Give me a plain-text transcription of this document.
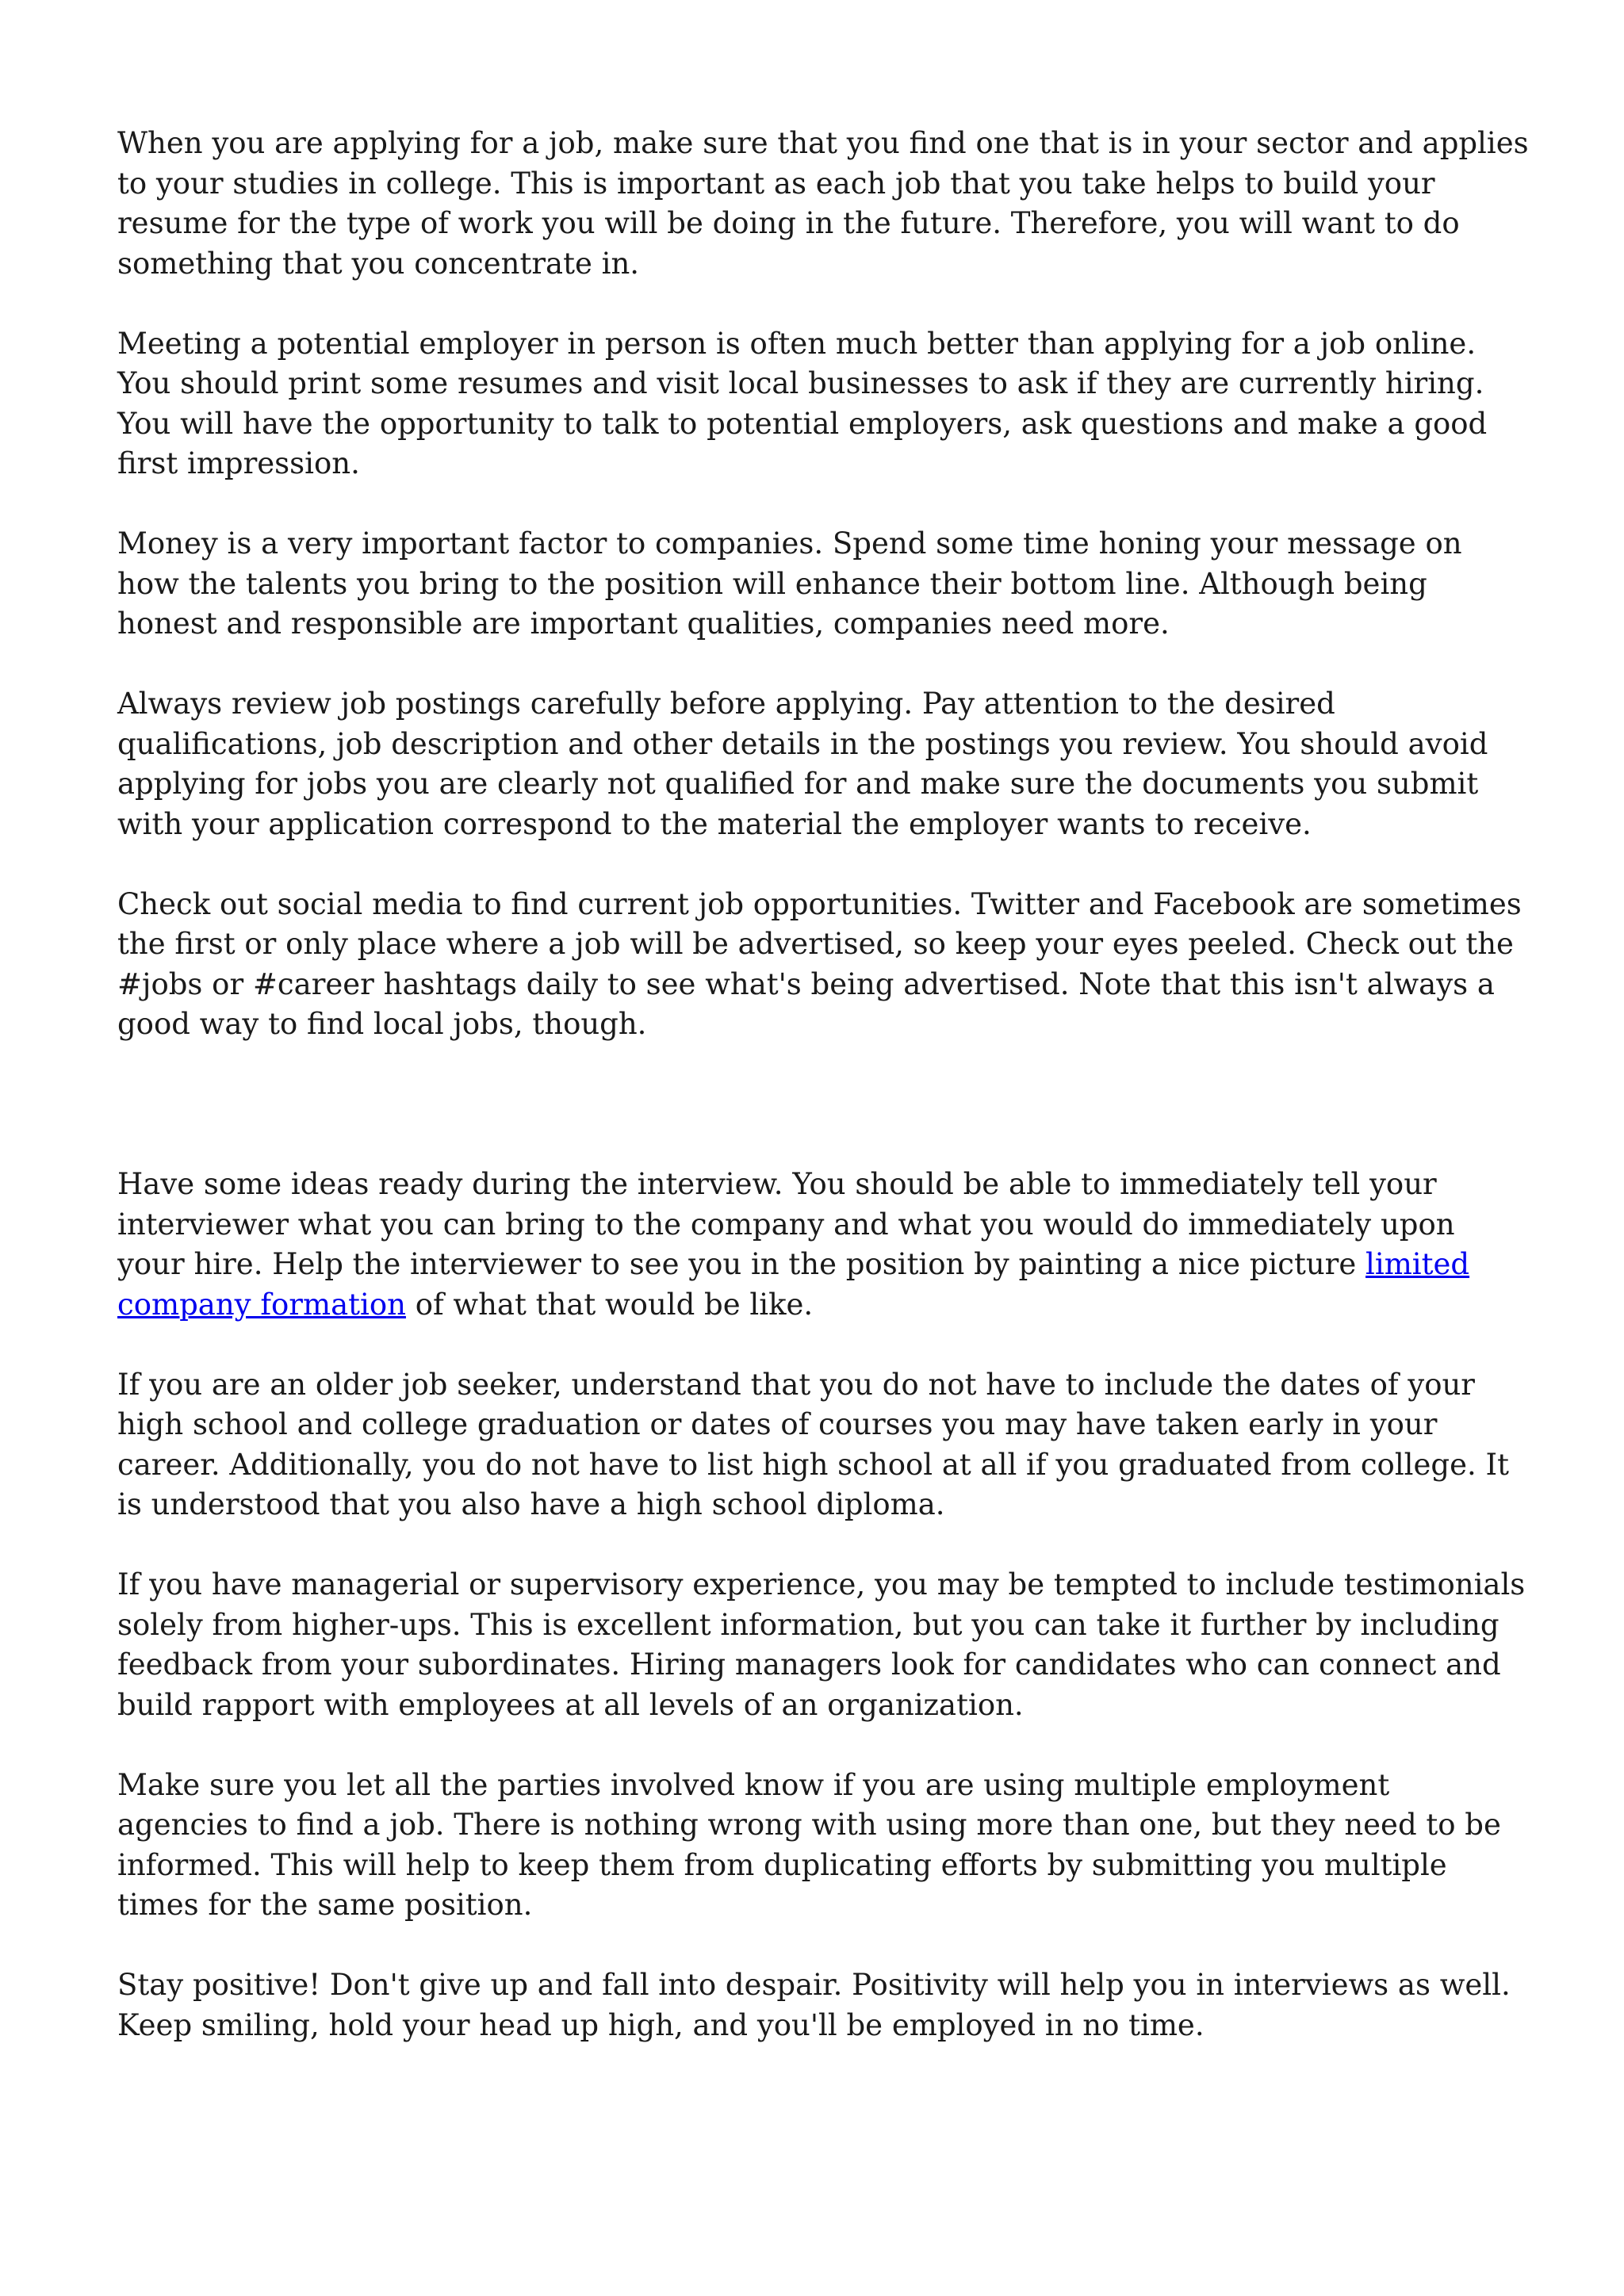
When you are applying for a job, make sure that you find one that is in your sector and applies to your studies in college. This is important as each job that you take helps to build your resume for the type of work you will be doing in the future. Therefore, you will want to do something that you concentrate in.

Meeting a potential employer in person is often much better than applying for a job online. You should print some resumes and visit local businesses to ask if they are currently hiring. You will have the opportunity to talk to potential employers, ask questions and make a good first impression.

Money is a very important factor to companies. Spend some time honing your message on how the talents you bring to the position will enhance their bottom line. Although being honest and responsible are important qualities, companies need more.

Always review job postings carefully before applying. Pay attention to the desired qualifications, job description and other details in the postings you review. You should avoid applying for jobs you are clearly not qualified for and make sure the documents you submit with your application correspond to the material the employer wants to receive.

Check out social media to find current job opportunities. Twitter and Facebook are sometimes the first or only place where a job will be advertised, so keep your eyes peeled. Check out the #jobs or #career hashtags daily to see what's being advertised. Note that this isn't always a good way to find local jobs, though.

Have some ideas ready during the interview. You should be able to immediately tell your interviewer what you can bring to the company and what you would do immediately upon your hire. Help the interviewer to see you in the position by painting a nice picture limited company formation of what that would be like.

If you are an older job seeker, understand that you do not have to include the dates of your high school and college graduation or dates of courses you may have taken early in your career. Additionally, you do not have to list high school at all if you graduated from college. It is understood that you also have a high school diploma.

If you have managerial or supervisory experience, you may be tempted to include testimonials solely from higher-ups. This is excellent information, but you can take it further by including feedback from your subordinates. Hiring managers look for candidates who can connect and build rapport with employees at all levels of an organization.

Make sure you let all the parties involved know if you are using multiple employment agencies to find a job. There is nothing wrong with using more than one, but they need to be informed. This will help to keep them from duplicating efforts by submitting you multiple times for the same position.

Stay positive! Don't give up and fall into despair. Positivity will help you in interviews as well. Keep smiling, hold your head up high, and you'll be employed in no time.
